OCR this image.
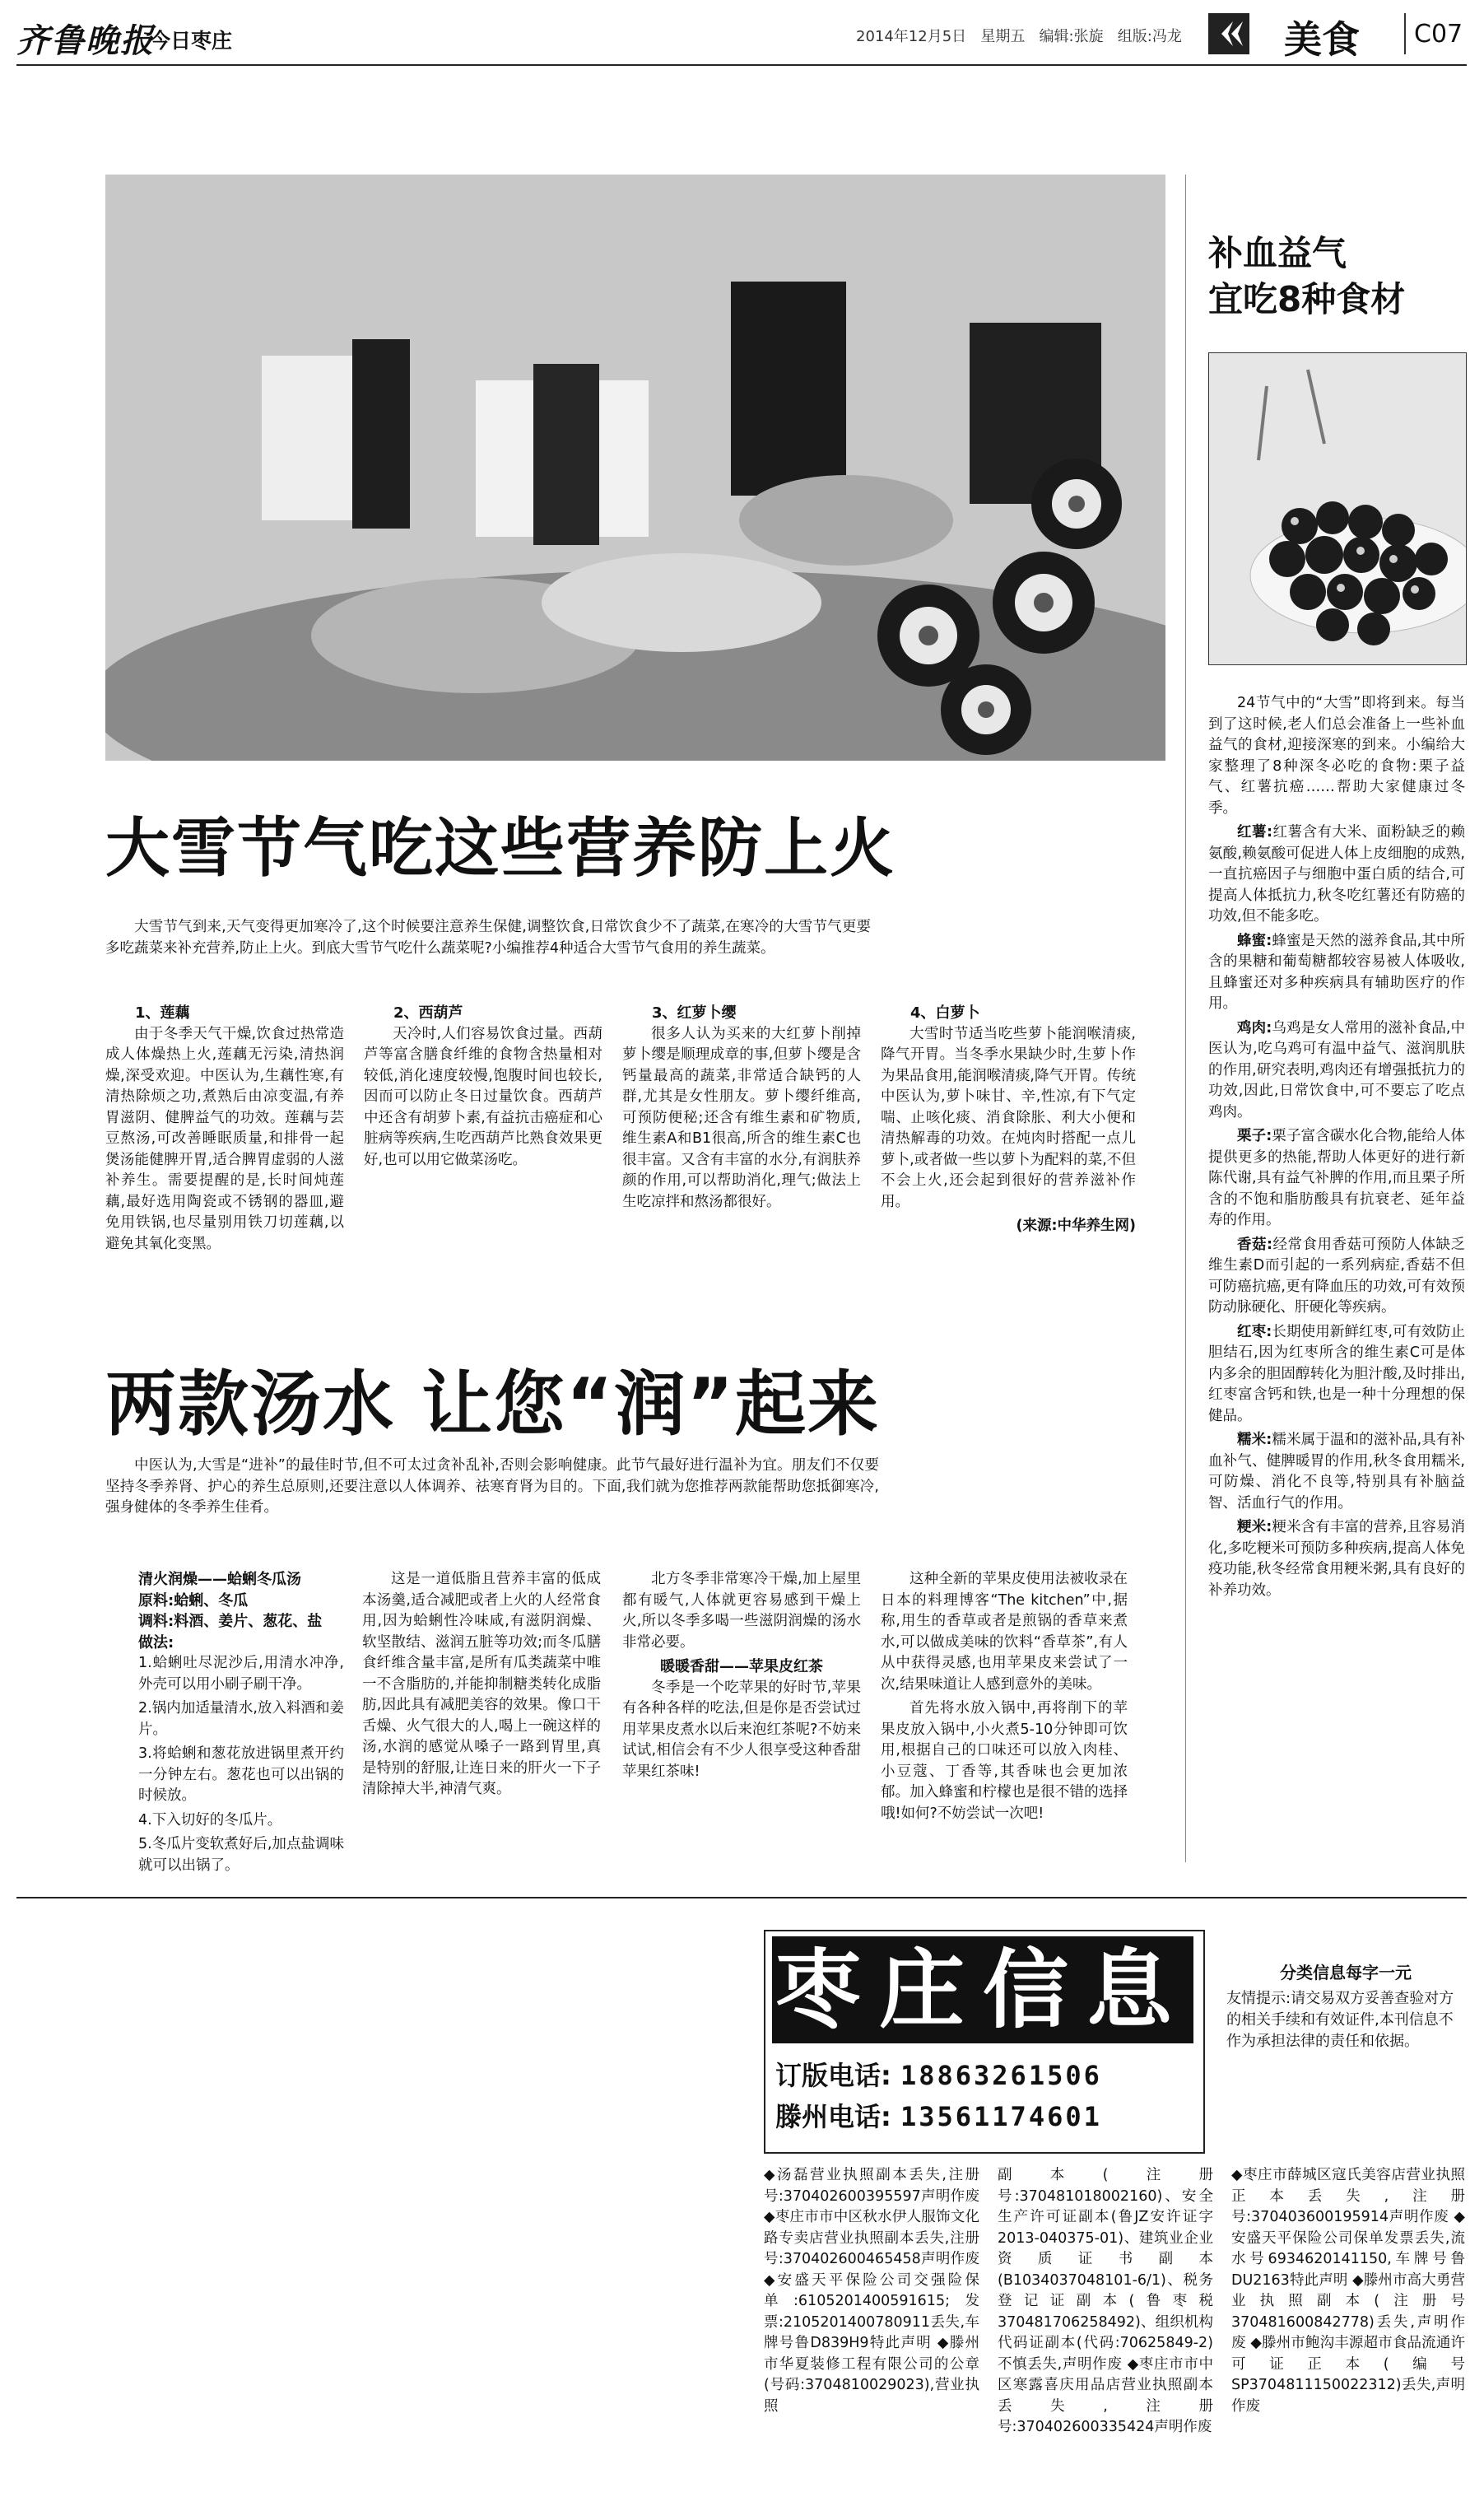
齐鲁晚报
今日枣庄	2014年12月5日 星期五 编辑:张旋 组版:冯龙	美食 C07
大雪节气吃这些营养防上火

大雪节气到来,天气变得更加寒冷了,这个时候要注意养生保健,调整饮食,日常饮食少不了蔬菜,在寒冷的大雪节气更要多吃蔬菜来补充营养,防止上火。到底大雪节气吃什么蔬菜呢?小编推荐4种适合大雪节气食用的养生蔬菜。

1、莲藕

由于冬季天气干燥,饮食过热常造成人体燥热上火,莲藕无污染,清热润燥,深受欢迎。中医认为,生藕性寒,有清热除烦之功,煮熟后由凉变温,有养胃滋阴、健脾益气的功效。莲藕与芸豆熬汤,可改善睡眠质量,和排骨一起煲汤能健脾开胃,适合脾胃虚弱的人滋补养生。需要提醒的是,长时间炖莲藕,最好选用陶瓷或不锈钢的器皿,避免用铁锅,也尽量别用铁刀切莲藕,以避免其氧化变黑。

2、西葫芦

天冷时,人们容易饮食过量。西葫芦等富含膳食纤维的食物含热量相对较低,消化速度较慢,饱腹时间也较长,因而可以防止冬日过量饮食。西葫芦中还含有胡萝卜素,有益抗击癌症和心脏病等疾病,生吃西葫芦比熟食效果更好,也可以用它做菜汤吃。

3、红萝卜缨

很多人认为买来的大红萝卜削掉萝卜缨是顺理成章的事,但萝卜缨是含钙量最高的蔬菜,非常适合缺钙的人群,尤其是女性朋友。萝卜缨纤维高,可预防便秘;还含有维生素和矿物质,维生素A和B1很高,所含的维生素C也很丰富。又含有丰富的水分,有润肤养颜的作用,可以帮助消化,理气;做法上生吃凉拌和熬汤都很好。

4、白萝卜

大雪时节适当吃些萝卜能润喉清痰,降气开胃。当冬季水果缺少时,生萝卜作为果品食用,能润喉清痰,降气开胃。传统中医认为,萝卜味甘、辛,性凉,有下气定喘、止咳化痰、消食除胀、利大小便和清热解毒的功效。在炖肉时搭配一点儿萝卜,或者做一些以萝卜为配料的菜,不但不会上火,还会起到很好的营养滋补作用。

(来源:中华养生网)

两款汤水 让您“润”起来

中医认为,大雪是“进补”的最佳时节,但不可太过贪补乱补,否则会影响健康。此节气最好进行温补为宜。朋友们不仅要坚持冬季养肾、护心的养生总原则,还要注意以人体调养、祛寒育肾为目的。下面,我们就为您推荐两款能帮助您抵御寒冷,强身健体的冬季养生佳肴。

清火润燥——蛤蜊冬瓜汤

原料:蛤蜊、冬瓜

调料:料酒、姜片、葱花、盐

做法:

1.蛤蜊吐尽泥沙后,用清水冲净,外壳可以用小刷子刷干净。

2.锅内加适量清水,放入料酒和姜片。

3.将蛤蜊和葱花放进锅里煮开约一分钟左右。葱花也可以出锅的时候放。

4.下入切好的冬瓜片。

5.冬瓜片变软煮好后,加点盐调味就可以出锅了。

这是一道低脂且营养丰富的低成本汤羹,适合减肥或者上火的人经常食用,因为蛤蜊性冷味咸,有滋阴润燥、软坚散结、滋润五脏等功效;而冬瓜膳食纤维含量丰富,是所有瓜类蔬菜中唯一不含脂肪的,并能抑制糖类转化成脂肪,因此具有减肥美容的效果。像口干舌燥、火气很大的人,喝上一碗这样的汤,水润的感觉从嗓子一路到胃里,真是特别的舒服,让连日来的肝火一下子清除掉大半,神清气爽。

北方冬季非常寒冷干燥,加上屋里都有暖气,人体就更容易感到干燥上火,所以冬季多喝一些滋阴润燥的汤水非常必要。

暖暖香甜——苹果皮红茶

冬季是一个吃苹果的好时节,苹果有各种各样的吃法,但是你是否尝试过用苹果皮煮水以后来泡红茶呢?不妨来试试,相信会有不少人很享受这种香甜苹果红茶味!

这种全新的苹果皮使用法被收录在日本的料理博客“The kitchen”中,据称,用生的香草或者是煎锅的香草来煮水,可以做成美味的饮料“香草茶”,有人从中获得灵感,也用苹果皮来尝试了一次,结果味道让人感到意外的美味。

首先将水放入锅中,再将削下的苹果皮放入锅中,小火煮5-10分钟即可饮用,根据自己的口味还可以放入肉桂、小豆蔻、丁香等,其香味也会更加浓郁。加入蜂蜜和柠檬也是很不错的选择哦!如何?不妨尝试一次吧!

补血益气
宜吃8种食材

24节气中的“大雪”即将到来。每当到了这时候,老人们总会准备上一些补血益气的食材,迎接深寒的到来。小编给大家整理了8种深冬必吃的食物:栗子益气、红薯抗癌……帮助大家健康过冬季。

红薯:红薯含有大米、面粉缺乏的赖氨酸,赖氨酸可促进人体上皮细胞的成熟,一直抗癌因子与细胞中蛋白质的结合,可提高人体抵抗力,秋冬吃红薯还有防癌的功效,但不能多吃。

蜂蜜:蜂蜜是天然的滋养食品,其中所含的果糖和葡萄糖都较容易被人体吸收,且蜂蜜还对多种疾病具有辅助医疗的作用。

鸡肉:乌鸡是女人常用的滋补食品,中医认为,吃乌鸡可有温中益气、滋润肌肤的作用,研究表明,鸡肉还有增强抵抗力的功效,因此,日常饮食中,可不要忘了吃点鸡肉。

栗子:栗子富含碳水化合物,能给人体提供更多的热能,帮助人体更好的进行新陈代谢,具有益气补脾的作用,而且栗子所含的不饱和脂肪酸具有抗衰老、延年益寿的作用。

香菇:经常食用香菇可预防人体缺乏维生素D而引起的一系列病症,香菇不但可防癌抗癌,更有降血压的功效,可有效预防动脉硬化、肝硬化等疾病。

红枣:长期使用新鲜红枣,可有效防止胆结石,因为红枣所含的维生素C可是体内多余的胆固醇转化为胆汁酸,及时排出,红枣富含钙和铁,也是一种十分理想的保健品。

糯米:糯米属于温和的滋补品,具有补血补气、健脾暖胃的作用,秋冬食用糯米,可防燥、消化不良等,特别具有补脑益智、活血行气的作用。

粳米:粳米含有丰富的营养,且容易消化,多吃粳米可预防多种疾病,提高人体免疫功能,秋冬经常食用粳米粥,具有良好的补养功效。

枣庄信息
订版电话: 18863261506
滕州电话: 13561174601
分类信息每字一元
友情提示:请交易双方妥善查验对方的相关手续和有效证件,本刊信息不作为承担法律的责任和依据。

◆汤磊营业执照副本丢失,注册号:370402600395597声明作废 ◆枣庄市市中区秋水伊人服饰文化路专卖店营业执照副本丢失,注册号:370402600465458声明作废 ◆安盛天平保险公司交强险保单:6105201400591615;发票:2105201400780911丢失,车牌号鲁D839H9特此声明 ◆滕州市华夏装修工程有限公司的公章(号码:3704810029023),营业执照

副本(注册号:370481018002160)、安全生产许可证副本(鲁JZ安许证字2013-040375-01)、建筑业企业资质证书副本(B1034037048101-6/1)、税务登记证副本(鲁枣税370481706258492)、组织机构代码证副本(代码:70625849-2)不慎丢失,声明作废 ◆枣庄市市中区寒露喜庆用品店营业执照副本丢失,注册号:370402600335424声明作废

◆枣庄市薛城区寇氏美容店营业执照正本丢失,注册号:370403600195914声明作废 ◆安盛天平保险公司保单发票丢失,流水号6934620141150,车牌号鲁DU2163特此声明 ◆滕州市高大勇营业执照副本(注册号370481600842778)丢失,声明作废 ◆滕州市鲍沟丰源超市食品流通许可证正本(编号SP3704811150022312)丢失,声明作废
